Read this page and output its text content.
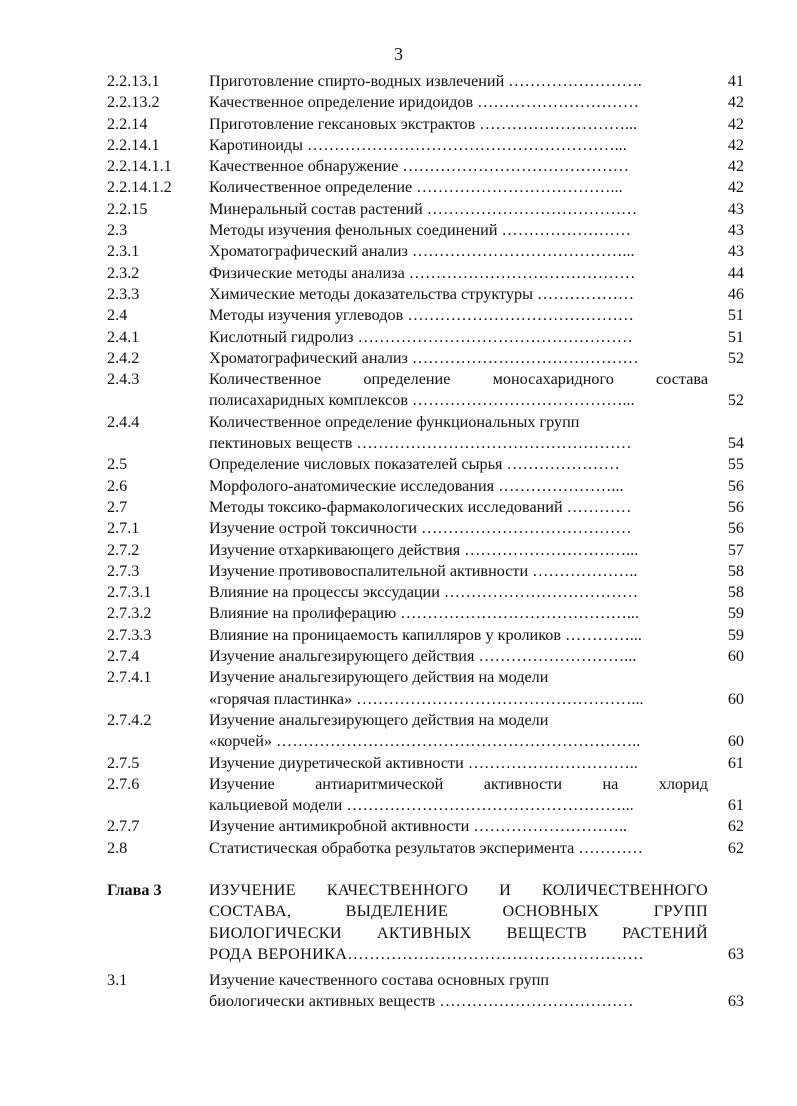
3
2.2.13.1	Приготовление спирто-водных извлечений …………………….	41
2.2.13.2	Качественное определение иридоидов …………………………	42
2.2.14	Приготовление гексановых экстрактов ………………………...	42
2.2.14.1	Каротиноиды …………………………………………………...	42
2.2.14.1.1 Качественное обнаружение ……………………………………	42
2.2.14.1.2 Количественное определение ………………………………...	42
2.2.15	Минеральный состав растений …………………………………	43
2.3	Методы изучения фенольных соединений ……………………	43
2.3.1	Хроматографический анализ …………………………………...	43
2.3.2	Физические методы анализа ……………………………………	44
2.3.3	Химические методы доказательства структуры ………………	46
2.4	Методы изучения углеводов ……………………………………	51
2.4.1	Кислотный гидролиз ……………………………………………	51
2.4.2	Хроматографический анализ ……………………………………	52
2.4.3	Количественное определение моносахаридного состава
полисахаридных комплексов …………………………………...	52
2.4.4	Количественное определение функциональных групп
пектиновых веществ ……………………………………………	54
2.5	Определение числовых показателей сырья …………………	55
2.6	Морфолого-анатомические исследования …………………...	56
2.7	Методы токсико-фармакологических исследований …………	56
2.7.1	Изучение острой токсичности …………………………………	56
2.7.2	Изучение отхаркивающего действия …………………………...	57
2.7.3	Изучение противовоспалительной активности ………………..	58
2.7.3.1	Влияние на процессы экссудации ………………………………	58
2.7.3.2	Влияние на пролиферацию ……………………………………...	59
2.7.3.3	Влияние на проницаемость капилляров у кроликов …………...	59
2.7.4	Изучение анальгезирующего действия ………………………...	60
2.7.4.1	Изучение анальгезирующего действия на модели
«горячая пластинка» ……………………………………………...	60
2.7.4.2	Изучение анальгезирующего действия на модели
«корчей» …………………………………………………………..	60
2.7.5	Изучение диуретической активности …………………………..	61
2.7.6	Изучение антиаритмической активности на хлорид
кальциевой модели ……………………………………………...	61
2.7.7	Изучение антимикробной активности ………………………..	62
2.8	Статистическая обработка результатов эксперимента …………	62
Глава 3	ИЗУЧЕНИЕ КАЧЕСТВЕННОГО И КОЛИЧЕСТВЕННОГО
СОСТАВА, ВЫДЕЛЕНИЕ ОСНОВНЫХ ГРУПП
БИОЛОГИЧЕСКИ АКТИВНЫХ ВЕЩЕСТВ РАСТЕНИЙ
РОДА ВЕРОНИКА………………………………………………	63
3.1	Изучение качественного состава основных групп
биологически активных веществ ………………………………	63
